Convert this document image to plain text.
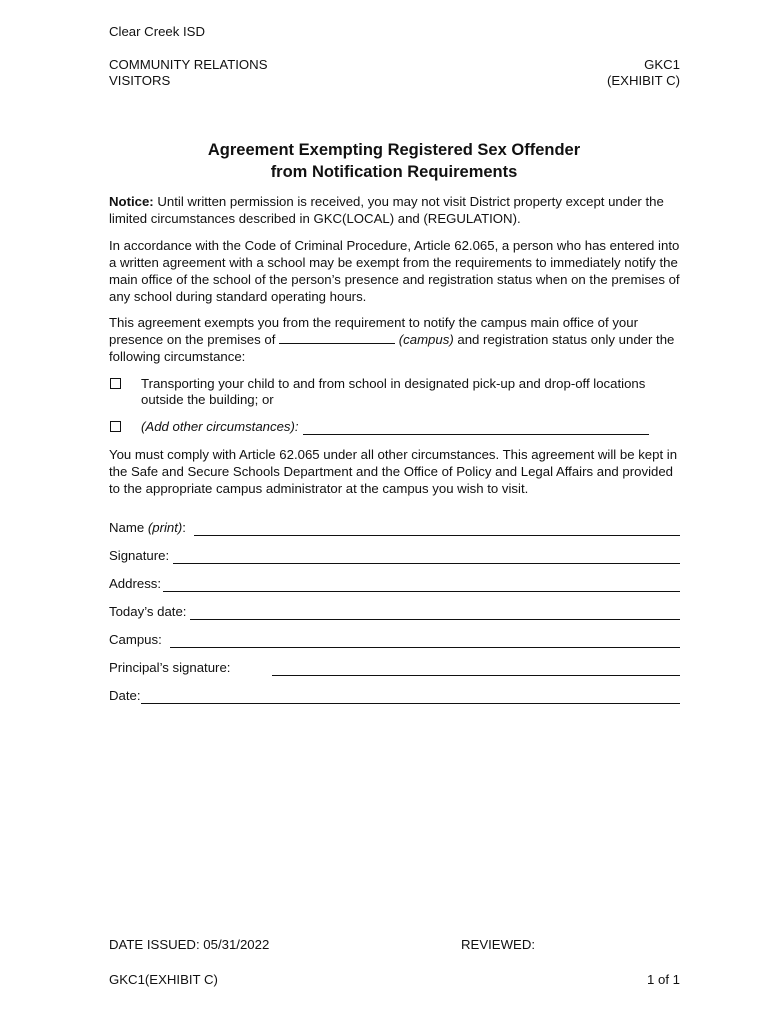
Clear Creek ISD
COMMUNITY RELATIONS
VISITORS
GKC1
(EXHIBIT C)
Agreement Exempting Registered Sex Offender
from Notification Requirements
Notice: Until written permission is received, you may not visit District property except under the limited circumstances described in GKC(LOCAL) and (REGULATION).
In accordance with the Code of Criminal Procedure, Article 62.065, a person who has entered into a written agreement with a school may be exempt from the requirements to immediately notify the main office of the school of the person’s presence and registration status when on the premises of any school during standard operating hours.
This agreement exempts you from the requirement to notify the campus main office of your presence on the premises of	(campus) and registration status only under the following circumstance:
Transporting your child to and from school in designated pick-up and drop-off locations outside the building; or
(Add other circumstances):
You must comply with Article 62.065 under all other circumstances. This agreement will be kept in the Safe and Secure Schools Department and the Office of Policy and Legal Affairs and provided to the appropriate campus administrator at the campus you wish to visit.
Name (print):
Signature:
Address:
Today’s date:
Campus:
Principal’s signature:
Date:
DATE ISSUED: 05/31/2022	REVIEWED:
GKC1(EXHIBIT C)	1 of 1
